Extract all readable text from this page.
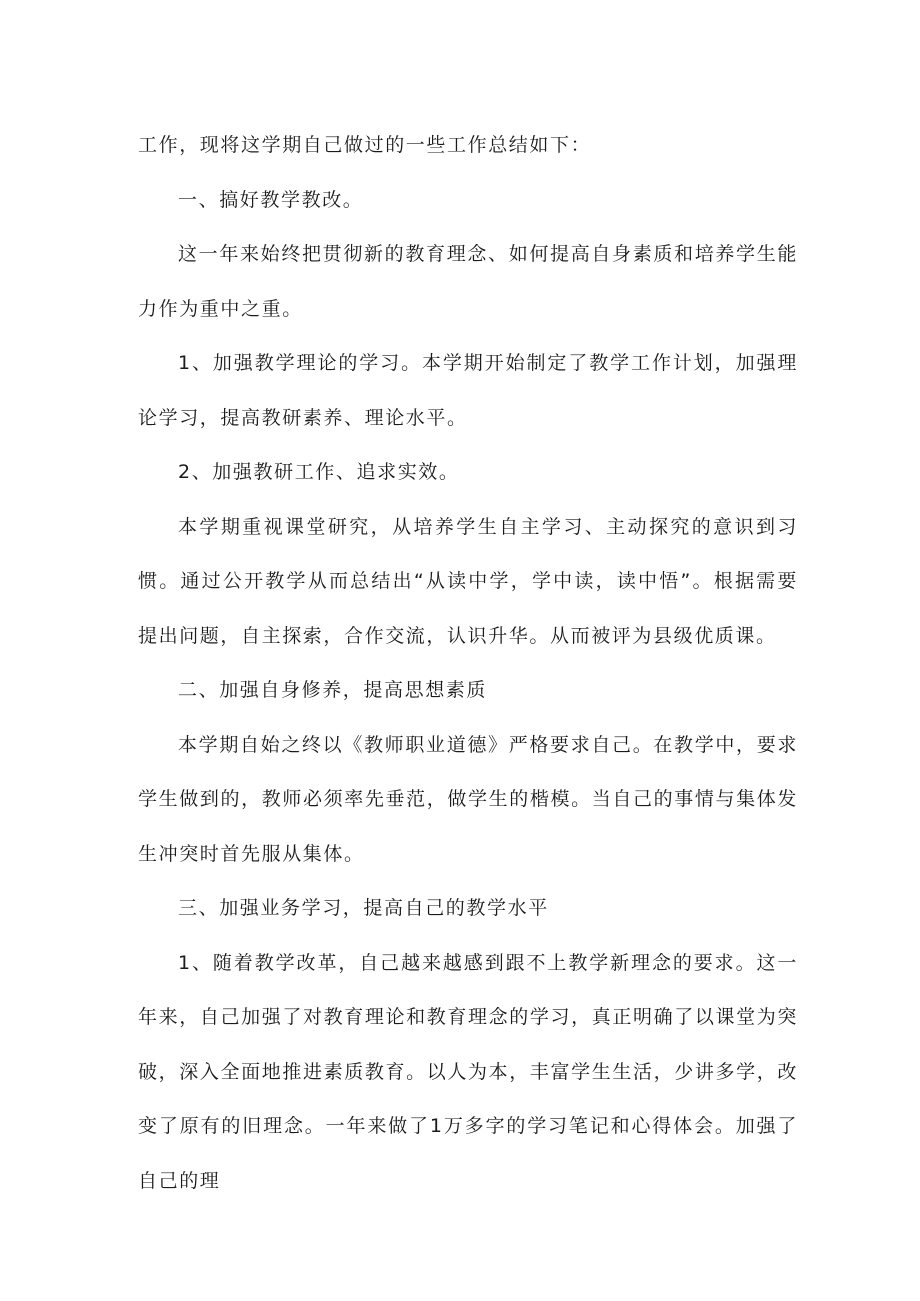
工作，现将这学期自己做过的一些工作总结如下：

一、搞好教学教改。

这一年来始终把贯彻新的教育理念、如何提高自身素质和培养学生能力作为重中之重。

1、加强教学理论的学习。本学期开始制定了教学工作计划，加强理论学习，提高教研素养、理论水平。

2、加强教研工作、追求实效。

本学期重视课堂研究，从培养学生自主学习、主动探究的意识到习惯。通过公开教学从而总结出“从读中学，学中读，读中悟”。根据需要提出问题，自主探索，合作交流，认识升华。从而被评为县级优质课。

二、加强自身修养，提高思想素质

本学期自始之终以《教师职业道德》严格要求自己。在教学中，要求学生做到的，教师必须率先垂范，做学生的楷模。当自己的事情与集体发生冲突时首先服从集体。

三、加强业务学习，提高自己的教学水平

1、随着教学改革，自己越来越感到跟不上教学新理念的要求。这一年来，自己加强了对教育理论和教育理念的学习，真正明确了以课堂为突破，深入全面地推进素质教育。以人为本，丰富学生生活，少讲多学，改变了原有的旧理念。一年来做了1万多字的学习笔记和心得体会。加强了自己的理
